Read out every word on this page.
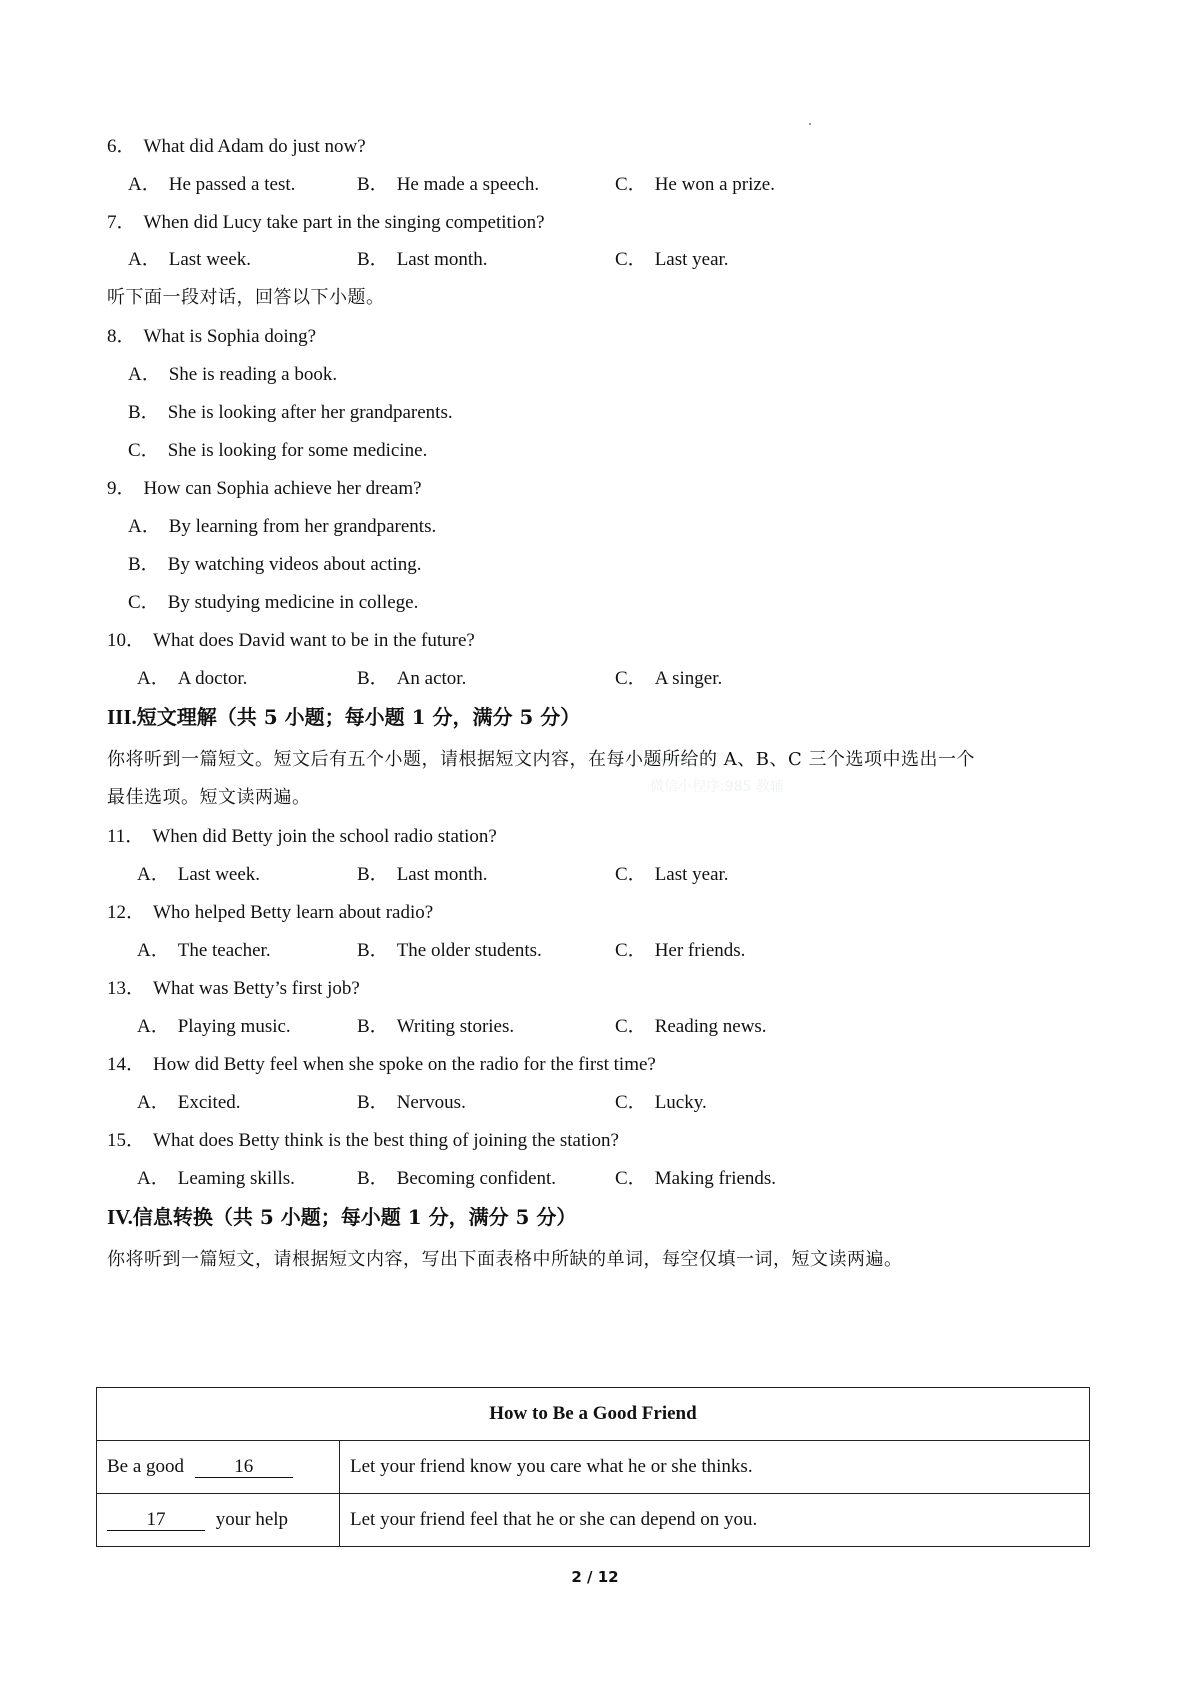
6． What did Adam do just now?
A． He passed a test.	B． He made a speech.	C． He won a prize.
7． When did Lucy take part in the singing competition?
A． Last week.	B． Last month.	C． Last year.
听下面一段对话，回答以下小题。
8． What is Sophia doing?
A． She is reading a book.
B． She is looking after her grandparents.
C． She is looking for some medicine.
9． How can Sophia achieve her dream?
A． By learning from her grandparents.
B． By watching videos about acting.
C． By studying medicine in college.
10． What does David want to be in the future?
A． A doctor.	B． An actor.	C． A singer.
微信小程序:985 教辅
III.短文理解（共 5 小题；每小题 1 分，满分 5 分）
你将听到一篇短文。短文后有五个小题，请根据短文内容，在每小题所给的 A、B、C 三个选项中选出一个
最佳选项。短文读两遍。
11． When did Betty join the school radio station?
A． Last week.	B． Last month.	C． Last year.
12． Who helped Betty learn about radio?
A． The teacher.	B． The older students.	C． Her friends.
13． What was Betty’s first job?
A． Playing music.	B． Writing stories.	C． Reading news.
14． How did Betty feel when she spoke on the radio for the first time?
A． Excited.	B． Nervous.	C． Lucky.
15． What does Betty think is the best thing of joining the station?
A． Leaming skills.	B． Becoming confident.	C． Making friends.
IV.信息转换（共 5 小题；每小题 1 分，满分 5 分）
你将听到一篇短文，请根据短文内容，写出下面表格中所缺的单词，每空仅填一词，短文读两遍。
How to Be a Good Friend	
Be a good 16	Let your friend know you care what he or she thinks.
17 your help	Let your friend feel that he or she can depend on you.
2 / 12
